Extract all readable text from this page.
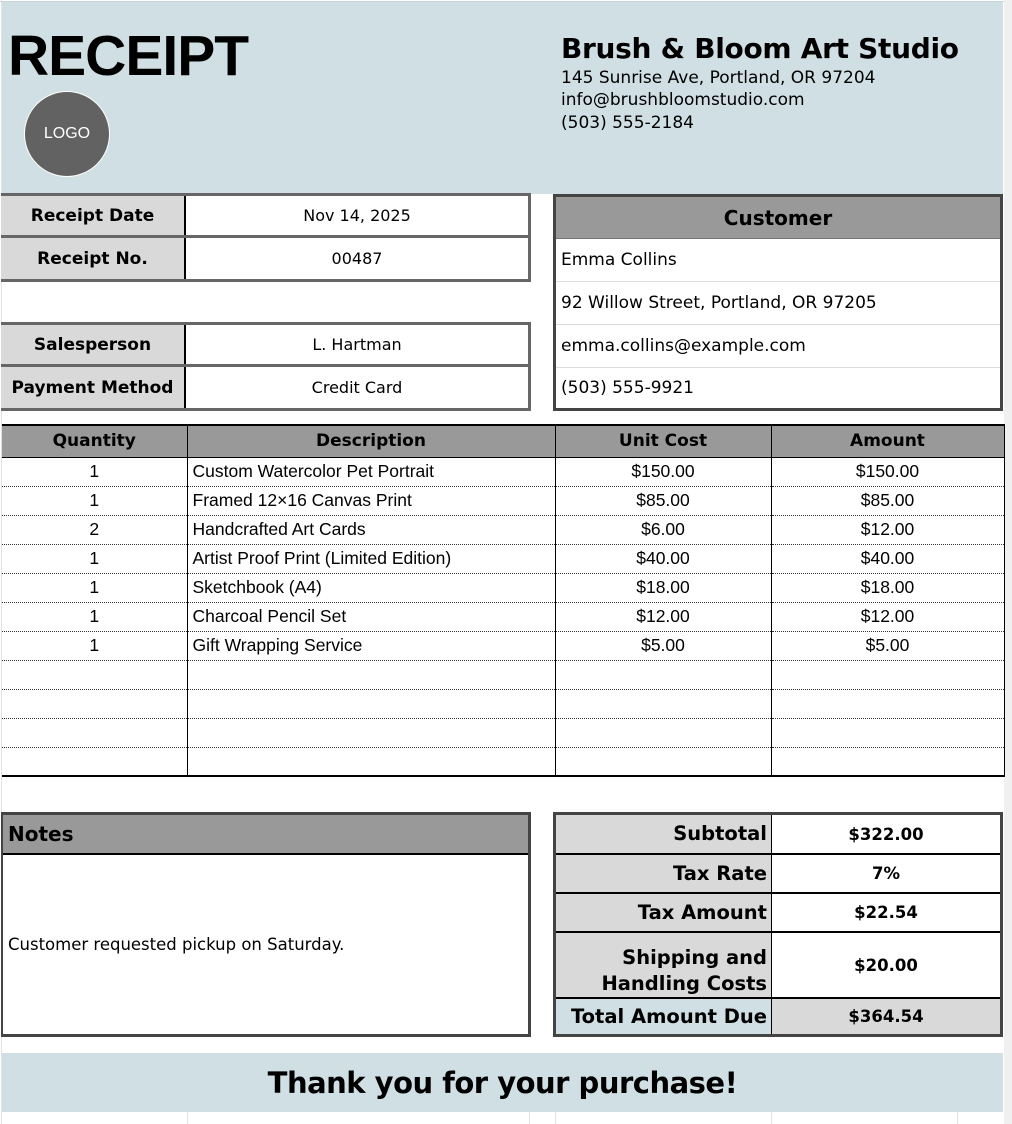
RECEIPT
LOGO
Brush & Bloom Art Studio
145 Sunrise Ave, Portland, OR 97204
info@brushbloomstudio.com
(503) 555-2184
Receipt Date	Nov 14, 2025
Receipt No.	00487
Salesperson	L. Hartman
Payment Method	Credit Card
Customer
Emma Collins
92 Willow Street, Portland, OR 97205
emma.collins@example.com
(503) 555-9921
Quantity	Description	Unit Cost	Amount
1	Custom Watercolor Pet Portrait	$150.00	$150.00
1	Framed 12×16 Canvas Print	$85.00	$85.00
2	Handcrafted Art Cards	$6.00	$12.00
1	Artist Proof Print (Limited Edition)	$40.00	$40.00
1	Sketchbook (A4)	$18.00	$18.00
1	Charcoal Pencil Set	$12.00	$12.00
1	Gift Wrapping Service	$5.00	$5.00

Notes
Customer requested pickup on Saturday.
Subtotal	$322.00
Tax Rate	7%
Tax Amount	$22.54
Shipping and
Handling Costs
$20.00
Total Amount Due	$364.54
Thank you for your purchase!
